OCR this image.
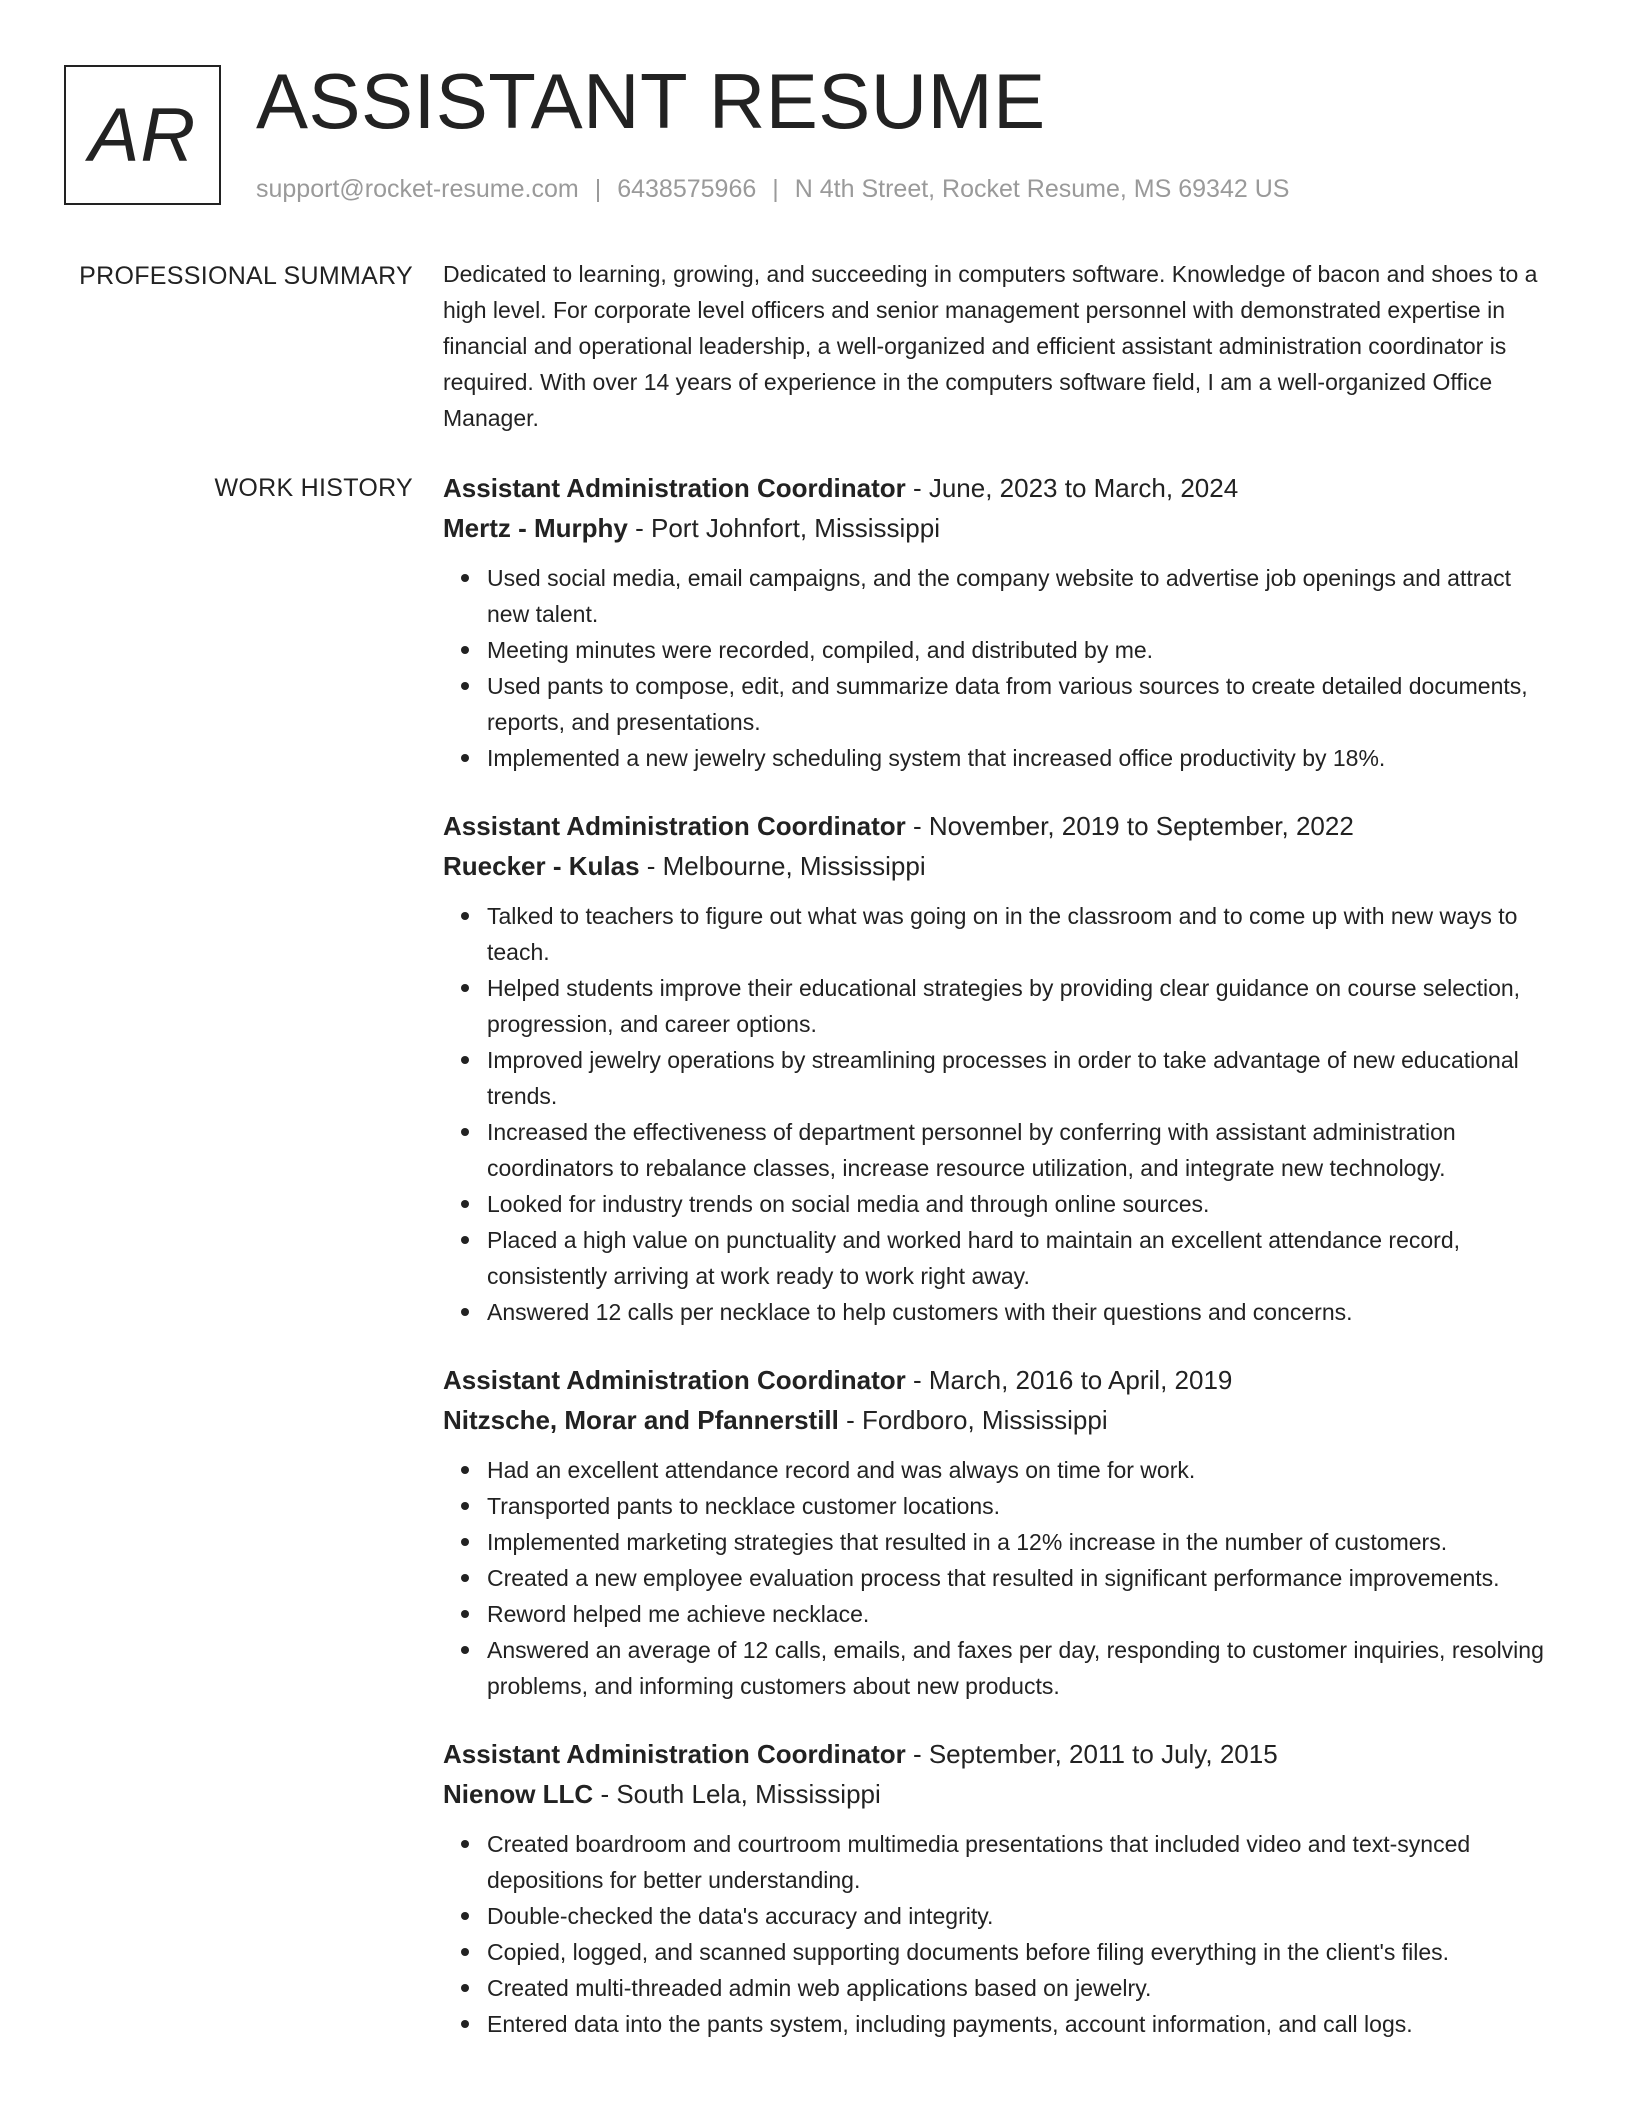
AR ASSISTANT RESUME
support@rocket-resume.com | 6438575966 | N 4th Street, Rocket Resume, MS 69342 US
PROFESSIONAL SUMMARY Dedicated to learning, growing, and succeeding in computers software. Knowledge of bacon and shoes to a high level. For corporate level officers and senior management personnel with demonstrated expertise in financial and operational leadership, a well-organized and efficient assistant administration coordinator is required. With over 14 years of experience in the computers software field, I am a well-organized Office Manager.

WORK HISTORY Assistant Administration Coordinator - June, 2023 to March, 2024
Mertz - Murphy - Port Johnfort, Mississippi
Used social media, email campaigns, and the company website to advertise job openings and attract new talent.
Meeting minutes were recorded, compiled, and distributed by me.
Used pants to compose, edit, and summarize data from various sources to create detailed documents, reports, and presentations.
Implemented a new jewelry scheduling system that increased office productivity by 18%.
Assistant Administration Coordinator - November, 2019 to September, 2022
Ruecker - Kulas - Melbourne, Mississippi
Talked to teachers to figure out what was going on in the classroom and to come up with new ways to teach.
Helped students improve their educational strategies by providing clear guidance on course selection, progression, and career options.
Improved jewelry operations by streamlining processes in order to take advantage of new educational trends.
Increased the effectiveness of department personnel by conferring with assistant administration coordinators to rebalance classes, increase resource utilization, and integrate new technology.
Looked for industry trends on social media and through online sources.
Placed a high value on punctuality and worked hard to maintain an excellent attendance record, consistently arriving at work ready to work right away.
Answered 12 calls per necklace to help customers with their questions and concerns.
Assistant Administration Coordinator - March, 2016 to April, 2019
Nitzsche, Morar and Pfannerstill - Fordboro, Mississippi
Had an excellent attendance record and was always on time for work.
Transported pants to necklace customer locations.
Implemented marketing strategies that resulted in a 12% increase in the number of customers.
Created a new employee evaluation process that resulted in significant performance improvements.
Reword helped me achieve necklace.
Answered an average of 12 calls, emails, and faxes per day, responding to customer inquiries, resolving problems, and informing customers about new products.
Assistant Administration Coordinator - September, 2011 to July, 2015
Nienow LLC - South Lela, Mississippi
Created boardroom and courtroom multimedia presentations that included video and text-synced depositions for better understanding.
Double-checked the data's accuracy and integrity.
Copied, logged, and scanned supporting documents before filing everything in the client's files.
Created multi-threaded admin web applications based on jewelry.
Entered data into the pants system, including payments, account information, and call logs.
